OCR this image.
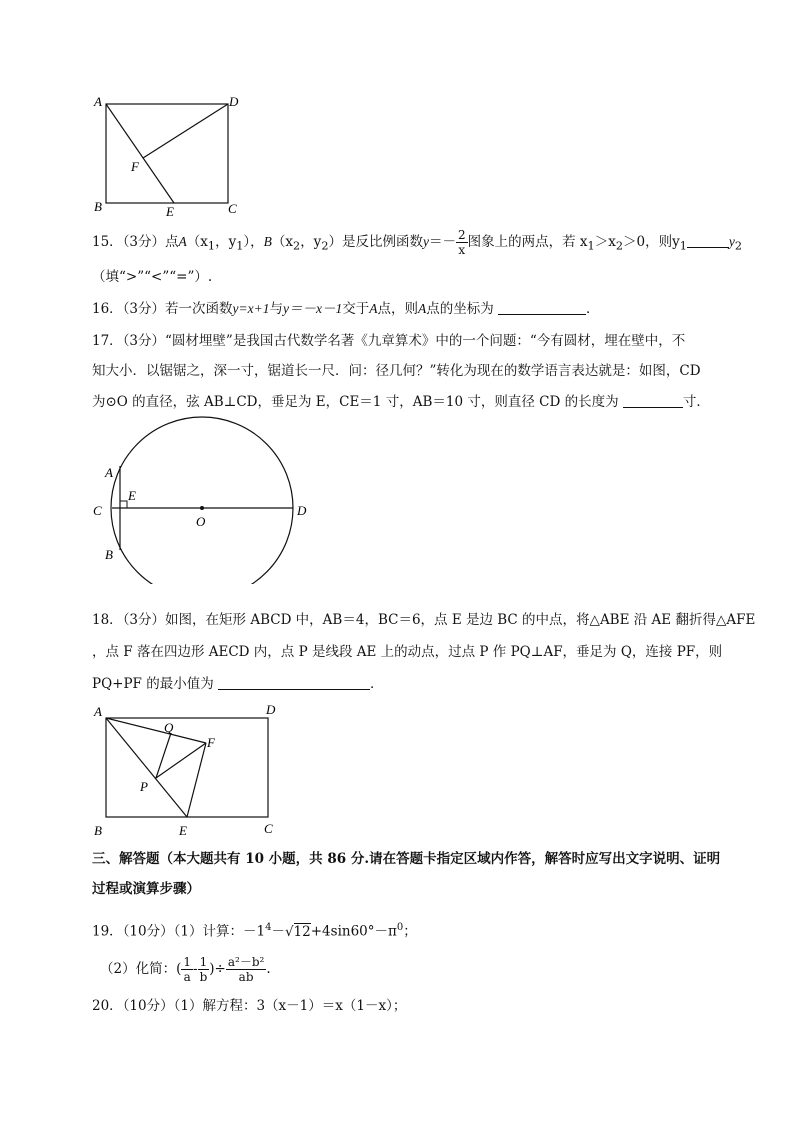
A	D
F
B	E	C
15．（3分）点$A(x_1$，$y_1$），$B(x_2$，$y_2$）是反比例函数$y=- \frac{2}{x}$ 图象上的两点，若 $x_1>x_2>0$，则$y_1$	$y_2$
（填“>”“<”“=”）.
16．（3分）若一次函数y=x+1与y＝－x－1交于A点，则A点的坐标为	．
17．（3分）“圆材埋壁”是我国古代数学名著《九章算术》中的一个问题：“今有圆材，埋在壁中，不
知大小．以锯锯之，深一寸，锯道长一尺．问：径几何？”转化为现在的数学语言表达就是：如图，CD
为⊙O 的直径，弦 AB⊥CD，垂足为 E，CE＝1 寸，AB＝10 寸，则直径 CD 的长度为	寸．
A
E
C
O
D
B
18．（3分）如图，在矩形 ABCD 中，AB＝4，BC＝6，点 E 是边 BC 的中点，将△ABE 沿 AE 翻折得△AFE
，点 F 落在四边形 AECD 内，点 P 是线段 AE 上的动点，过点 P 作 PQ⊥AF，垂足为 Q，连接 PF，则
PQ+PF 的最小值为	．
A	D
Q
F
P
B	E	C
三、解答题（本大题共有 10 小题，共 86 分.请在答题卡指定区域内作答，解答时应写出文字说明、证明
过程或演算步骤）
19．（10分）（1）计算：$-1^4-√12+4\sin 60^\circ-\pi^0$；
（2）化简：( $\frac{1}{a} - \frac{1}{b}$ )÷ $\frac{\text{a²－b²}}{ab}$ .
20．（10分）（1）解方程：3（x－1）＝x（1－x）；
